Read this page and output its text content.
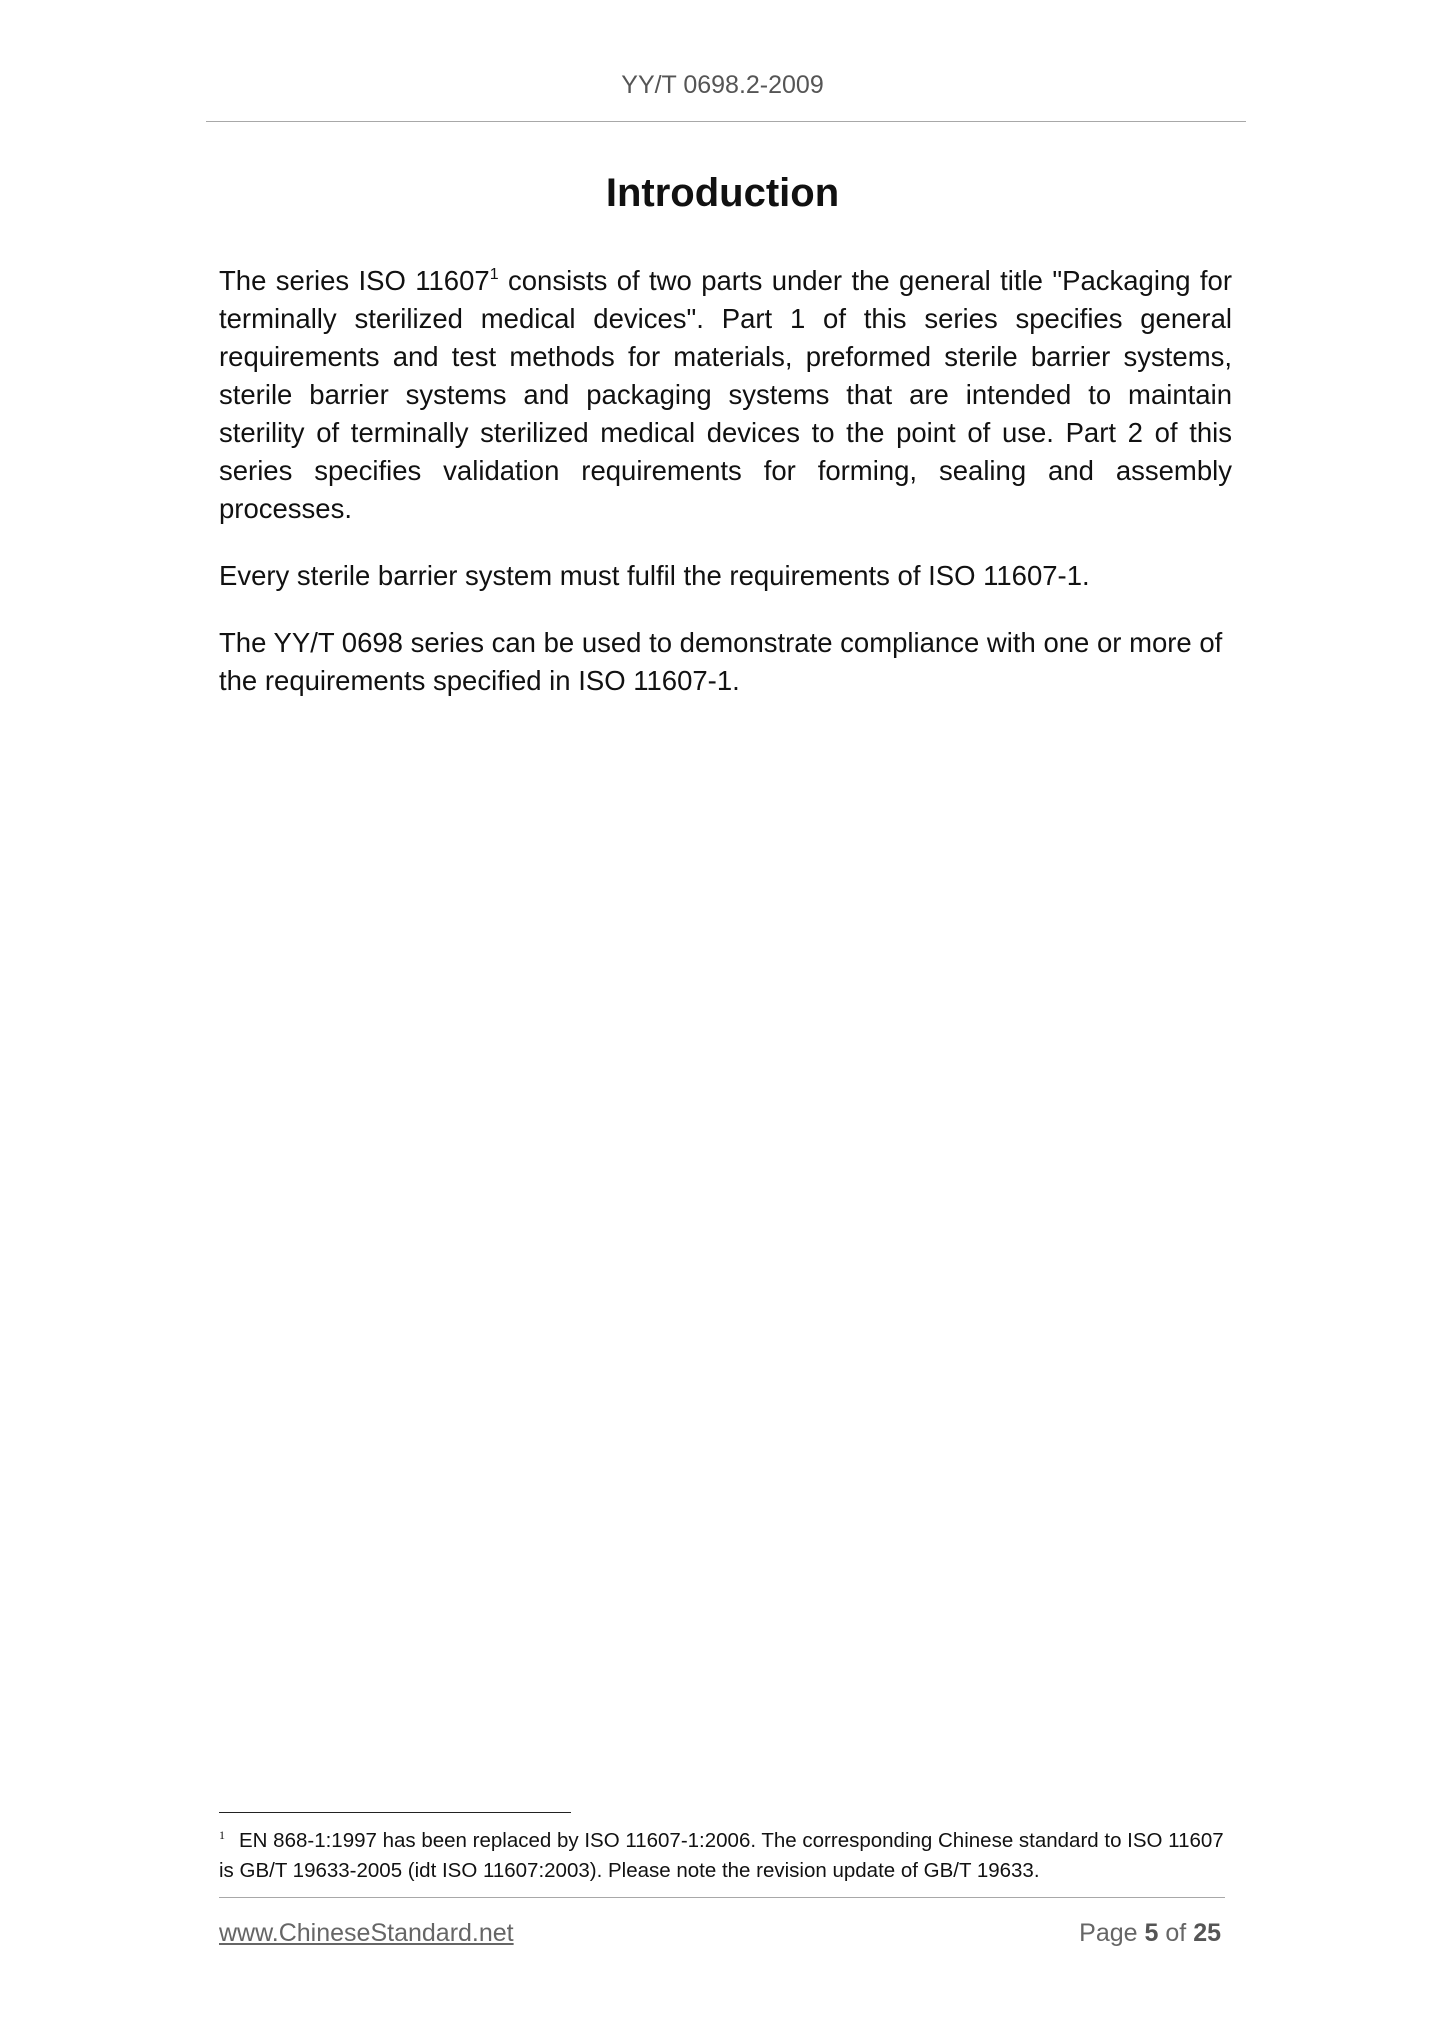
YY/T 0698.2-2009
Introduction

The series ISO 11607$^1$ consists of two parts under the general title "Packaging for terminally sterilized medical devices". Part 1 of this series specifies general requirements and test methods for materials, preformed sterile barrier systems, sterile barrier systems and packaging systems that are intended to maintain sterility of terminally sterilized medical devices to the point of use. Part 2 of this series specifies validation requirements for forming, sealing and assembly processes.

Every sterile barrier system must fulfil the requirements of ISO 11607-1.

The YY/T 0698 series can be used to demonstrate compliance with one or more of the requirements specified in ISO 11607-1.

$^1$ EN 868-1:1997 has been replaced by ISO 11607-1:2006. The corresponding Chinese standard to ISO 11607 is GB/T 19633-2005 (idt ISO 11607:2003). Please note the revision update of GB/T 19633.

www.ChineseStandard.net	Page 5 of 25
